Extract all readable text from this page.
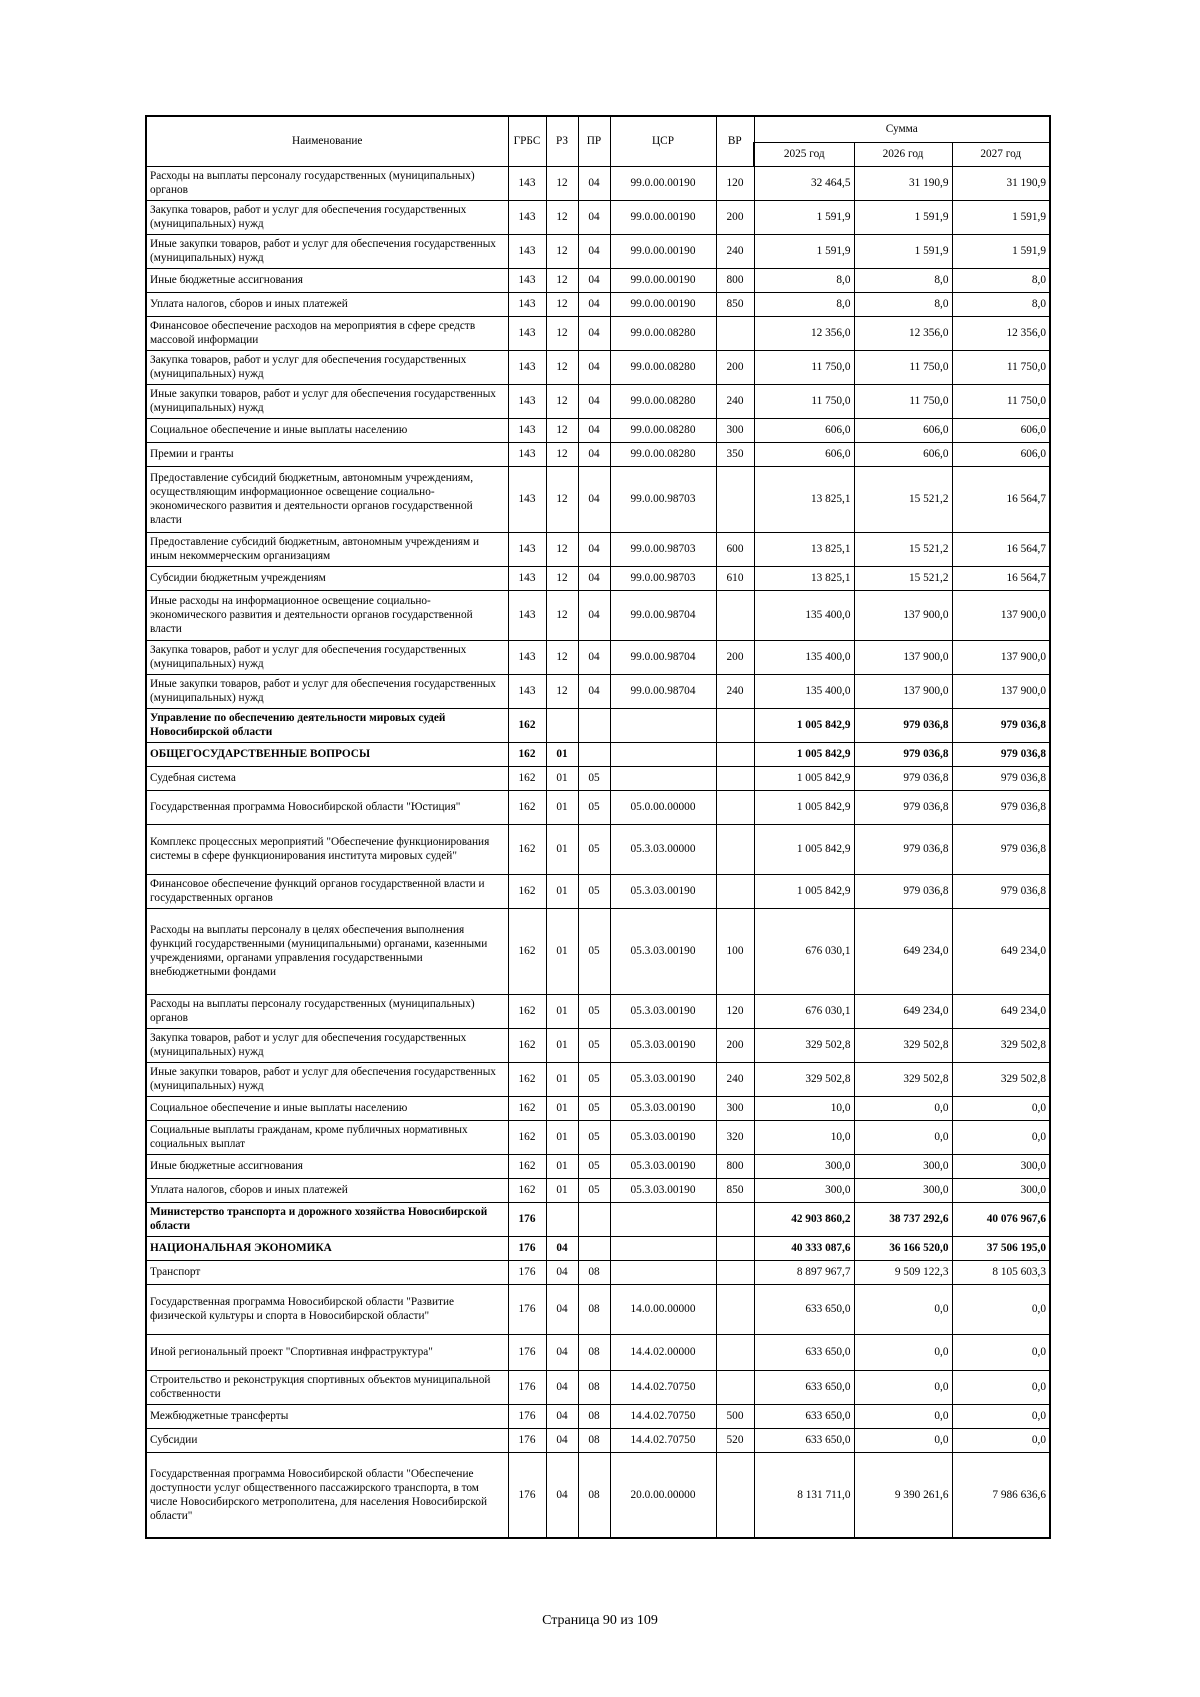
Наименование	ГРБС	РЗ	ПР	ЦСР	ВР	Сумма		
						2025 год	2026 год	2027 год
Расходы на выплаты персоналу государственных (муниципальных) органов	143	12	04	99.0.00.00190	120	32 464,5	31 190,9	31 190,9
Закупка товаров, работ и услуг для обеспечения государственных (муниципальных) нужд	143	12	04	99.0.00.00190	200	1 591,9	1 591,9	1 591,9
Иные закупки товаров, работ и услуг для обеспечения государственных (муниципальных) нужд	143	12	04	99.0.00.00190	240	1 591,9	1 591,9	1 591,9
Иные бюджетные ассигнования	143	12	04	99.0.00.00190	800	8,0	8,0	8,0
Уплата налогов, сборов и иных платежей	143	12	04	99.0.00.00190	850	8,0	8,0	8,0
Финансовое обеспечение расходов на мероприятия в сфере средств массовой информации	143	12	04	99.0.00.08280		12 356,0	12 356,0	12 356,0
Закупка товаров, работ и услуг для обеспечения государственных (муниципальных) нужд	143	12	04	99.0.00.08280	200	11 750,0	11 750,0	11 750,0
Иные закупки товаров, работ и услуг для обеспечения государственных (муниципальных) нужд	143	12	04	99.0.00.08280	240	11 750,0	11 750,0	11 750,0
Социальное обеспечение и иные выплаты населению	143	12	04	99.0.00.08280	300	606,0	606,0	606,0
Премии и гранты	143	12	04	99.0.00.08280	350	606,0	606,0	606,0
Предоставление субсидий бюджетным, автономным учреждениям, осуществляющим информационное освещение социально-экономического развития и деятельности органов государственной власти	143	12	04	99.0.00.98703		13 825,1	15 521,2	16 564,7
Предоставление субсидий бюджетным, автономным учреждениям и иным некоммерческим организациям	143	12	04	99.0.00.98703	600	13 825,1	15 521,2	16 564,7
Субсидии бюджетным учреждениям	143	12	04	99.0.00.98703	610	13 825,1	15 521,2	16 564,7
Иные расходы на информационное освещение социально-экономического развития и деятельности органов государственной власти	143	12	04	99.0.00.98704		135 400,0	137 900,0	137 900,0
Закупка товаров, работ и услуг для обеспечения государственных (муниципальных) нужд	143	12	04	99.0.00.98704	200	135 400,0	137 900,0	137 900,0
Иные закупки товаров, работ и услуг для обеспечения государственных (муниципальных) нужд	143	12	04	99.0.00.98704	240	135 400,0	137 900,0	137 900,0
Управление по обеспечению деятельности мировых судей Новосибирской области	162					1 005 842,9	979 036,8	979 036,8
ОБЩЕГОСУДАРСТВЕННЫЕ ВОПРОСЫ	162	01				1 005 842,9	979 036,8	979 036,8
Судебная система	162	01	05			1 005 842,9	979 036,8	979 036,8
Государственная программа Новосибирской области "Юстиция"	162	01	05	05.0.00.00000		1 005 842,9	979 036,8	979 036,8
Комплекс процессных мероприятий "Обеспечение функционирования системы в сфере функционирования института мировых судей"	162	01	05	05.3.03.00000		1 005 842,9	979 036,8	979 036,8
Финансовое обеспечение функций органов государственной власти и государственных органов	162	01	05	05.3.03.00190		1 005 842,9	979 036,8	979 036,8
Расходы на выплаты персоналу в целях обеспечения выполнения функций государственными (муниципальными) органами, казенными учреждениями, органами управления государственными внебюджетными фондами	162	01	05	05.3.03.00190	100	676 030,1	649 234,0	649 234,0
Расходы на выплаты персоналу государственных (муниципальных) органов	162	01	05	05.3.03.00190	120	676 030,1	649 234,0	649 234,0
Закупка товаров, работ и услуг для обеспечения государственных (муниципальных) нужд	162	01	05	05.3.03.00190	200	329 502,8	329 502,8	329 502,8
Иные закупки товаров, работ и услуг для обеспечения государственных (муниципальных) нужд	162	01	05	05.3.03.00190	240	329 502,8	329 502,8	329 502,8
Социальное обеспечение и иные выплаты населению	162	01	05	05.3.03.00190	300	10,0	0,0	0,0
Социальные выплаты гражданам, кроме публичных нормативных социальных выплат	162	01	05	05.3.03.00190	320	10,0	0,0	0,0
Иные бюджетные ассигнования	162	01	05	05.3.03.00190	800	300,0	300,0	300,0
Уплата налогов, сборов и иных платежей	162	01	05	05.3.03.00190	850	300,0	300,0	300,0
Министерство транспорта и дорожного хозяйства Новосибирской области	176					42 903 860,2	38 737 292,6	40 076 967,6
НАЦИОНАЛЬНАЯ ЭКОНОМИКА	176	04				40 333 087,6	36 166 520,0	37 506 195,0
Транспорт	176	04	08			8 897 967,7	9 509 122,3	8 105 603,3
Государственная программа Новосибирской области "Развитие физической культуры и спорта в Новосибирской области"	176	04	08	14.0.00.00000		633 650,0	0,0	0,0
Иной региональный проект "Спортивная инфраструктура"	176	04	08	14.4.02.00000		633 650,0	0,0	0,0
Строительство и реконструкция спортивных объектов муниципальной собственности	176	04	08	14.4.02.70750		633 650,0	0,0	0,0
Межбюджетные трансферты	176	04	08	14.4.02.70750	500	633 650,0	0,0	0,0
Субсидии	176	04	08	14.4.02.70750	520	633 650,0	0,0	0,0
Государственная программа Новосибирской области "Обеспечение доступности услуг общественного пассажирского транспорта, в том числе Новосибирского метрополитена, для населения Новосибирской области"	176	04	08	20.0.00.00000		8 131 711,0	9 390 261,6	7 986 636,6
Страница 90 из 109
